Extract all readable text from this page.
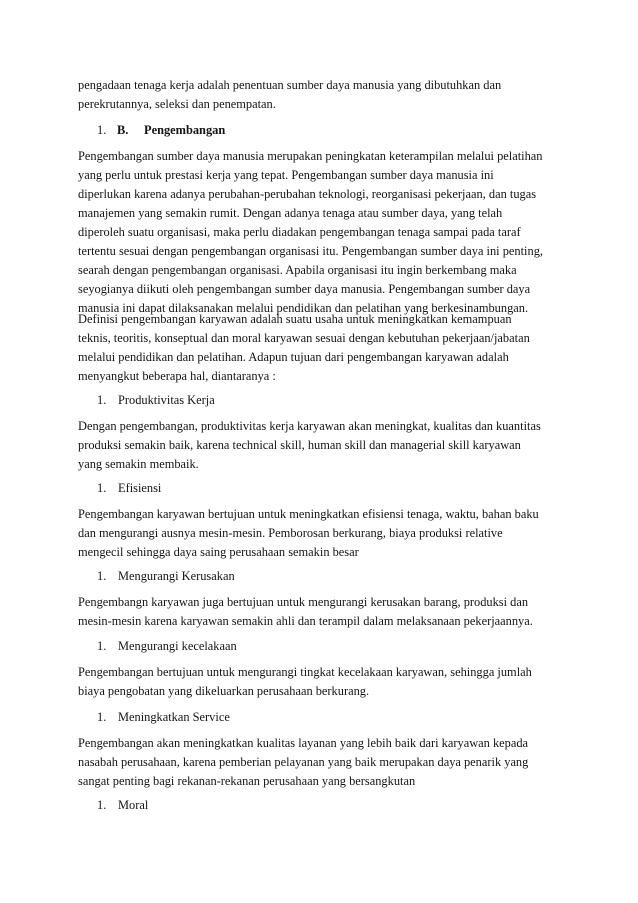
pengadaan tenaga kerja adalah penentuan sumber daya manusia yang dibutuhkan dan
perekrutannya, seleksi dan penempatan.

1. B. Pengembangan

Pengembangan sumber daya manusia merupakan peningkatan keterampilan melalui pelatihan
yang perlu untuk prestasi kerja yang tepat. Pengembangan sumber daya manusia ini
diperlukan karena adanya perubahan-perubahan teknologi, reorganisasi pekerjaan, dan tugas
manajemen yang semakin rumit. Dengan adanya tenaga atau sumber daya, yang telah
diperoleh suatu organisasi, maka perlu diadakan pengembangan tenaga sampai pada taraf
tertentu sesuai dengan pengembangan organisasi itu. Pengembangan sumber daya ini penting,
searah dengan pengembangan organisasi. Apabila organisasi itu ingin berkembang maka
seyogianya diikuti oleh pengembangan sumber daya manusia. Pengembangan sumber daya
manusia ini dapat dilaksanakan melalui pendidikan dan pelatihan yang berkesinambungan.

Definisi pengembangan karyawan adalah suatu usaha untuk meningkatkan kemampuan
teknis, teoritis, konseptual dan moral karyawan sesuai dengan kebutuhan pekerjaan/jabatan
melalui pendidikan dan pelatihan. Adapun tujuan dari pengembangan karyawan adalah
menyangkut beberapa hal, diantaranya :

1. Produktivitas Kerja

Dengan pengembangan, produktivitas kerja karyawan akan meningkat, kualitas dan kuantitas
produksi semakin baik, karena technical skill, human skill dan managerial skill karyawan
yang semakin membaik.

1. Efisiensi

Pengembangan karyawan bertujuan untuk meningkatkan efisiensi tenaga, waktu, bahan baku
dan mengurangi ausnya mesin-mesin. Pemborosan berkurang, biaya produksi relative
mengecil sehingga daya saing perusahaan semakin besar

1. Mengurangi Kerusakan

Pengembangn karyawan juga bertujuan untuk mengurangi kerusakan barang, produksi dan
mesin-mesin karena karyawan semakin ahli dan terampil dalam melaksanaan pekerjaannya.

1. Mengurangi kecelakaan

Pengembangan bertujuan untuk mengurangi tingkat kecelakaan karyawan, sehingga jumlah
biaya pengobatan yang dikeluarkan perusahaan berkurang.

1. Meningkatkan Service

Pengembangan akan meningkatkan kualitas layanan yang lebih baik dari karyawan kepada
nasabah perusahaan, karena pemberian pelayanan yang baik merupakan daya penarik yang
sangat penting bagi rekanan-rekanan perusahaan yang bersangkutan

1. Moral
